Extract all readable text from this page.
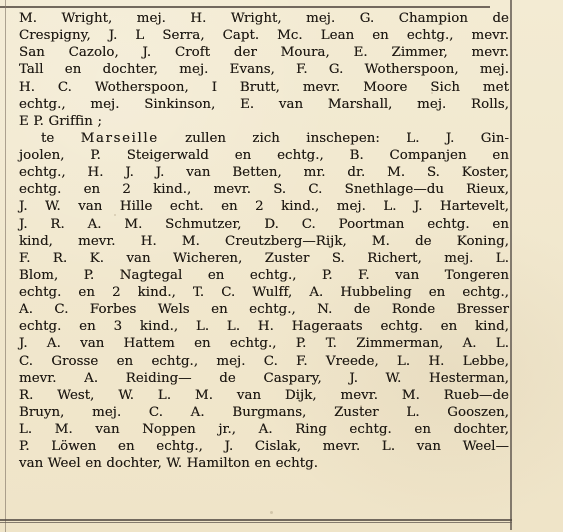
M. Wright, mej. H. Wright, mej. G. Champion de
Crespigny, J. L Serra, Capt. Mc. Lean en echtg., mevr.
San Cazolo, J. Croft der Moura, E. Zimmer, mevr.
Tall en dochter, mej. Evans, F. G. Wotherspoon, mej.
H. C. Wotherspoon, I Brutt, mevr. Moore Sich met
echtg., mej. Sinkinson, E. van Marshall, mej. Rolls,
E P. Griffin ;
te Marseille zullen zich inschepen: L. J. Gin-
joolen, P. Steigerwald en echtg., B. Companjen en
echtg., H. J. J. van Betten, mr. dr. M. S. Koster,
echtg. en 2 kind., mevr. S. C. Snethlage—du Rieux,
J. W. van Hille echt. en 2 kind., mej. L. J. Hartevelt,
J. R. A. M. Schmutzer, D. C. Poortman echtg. en
kind, mevr. H. M. Creutzberg—Rijk, M. de Koning,
F. R. K. van Wicheren, Zuster S. Richert, mej. L.
Blom, P. Nagtegal en echtg., P. F. van Tongeren
echtg. en 2 kind., T. C. Wulff, A. Hubbeling en echtg.,
A. C. Forbes Wels en echtg., N. de Ronde Bresser
echtg. en 3 kind., L. L. H. Hageraats echtg. en kind,
J. A. van Hattem en echtg., P. T. Zimmerman, A. L.
C. Grosse en echtg., mej. C. F. Vreede, L. H. Lebbe,
mevr. A. Reiding— de Caspary, J. W. Hesterman,
R. West, W. L. M. van Dijk, mevr. M. Rueb—de
Bruyn, mej. C. A. Burgmans, Zuster L. Gooszen,
L. M. van Noppen jr., A. Ring echtg. en dochter,
P. Löwen en echtg., J. Cislak, mevr. L. van Weel—
van Weel en dochter, W. Hamilton en echtg.
